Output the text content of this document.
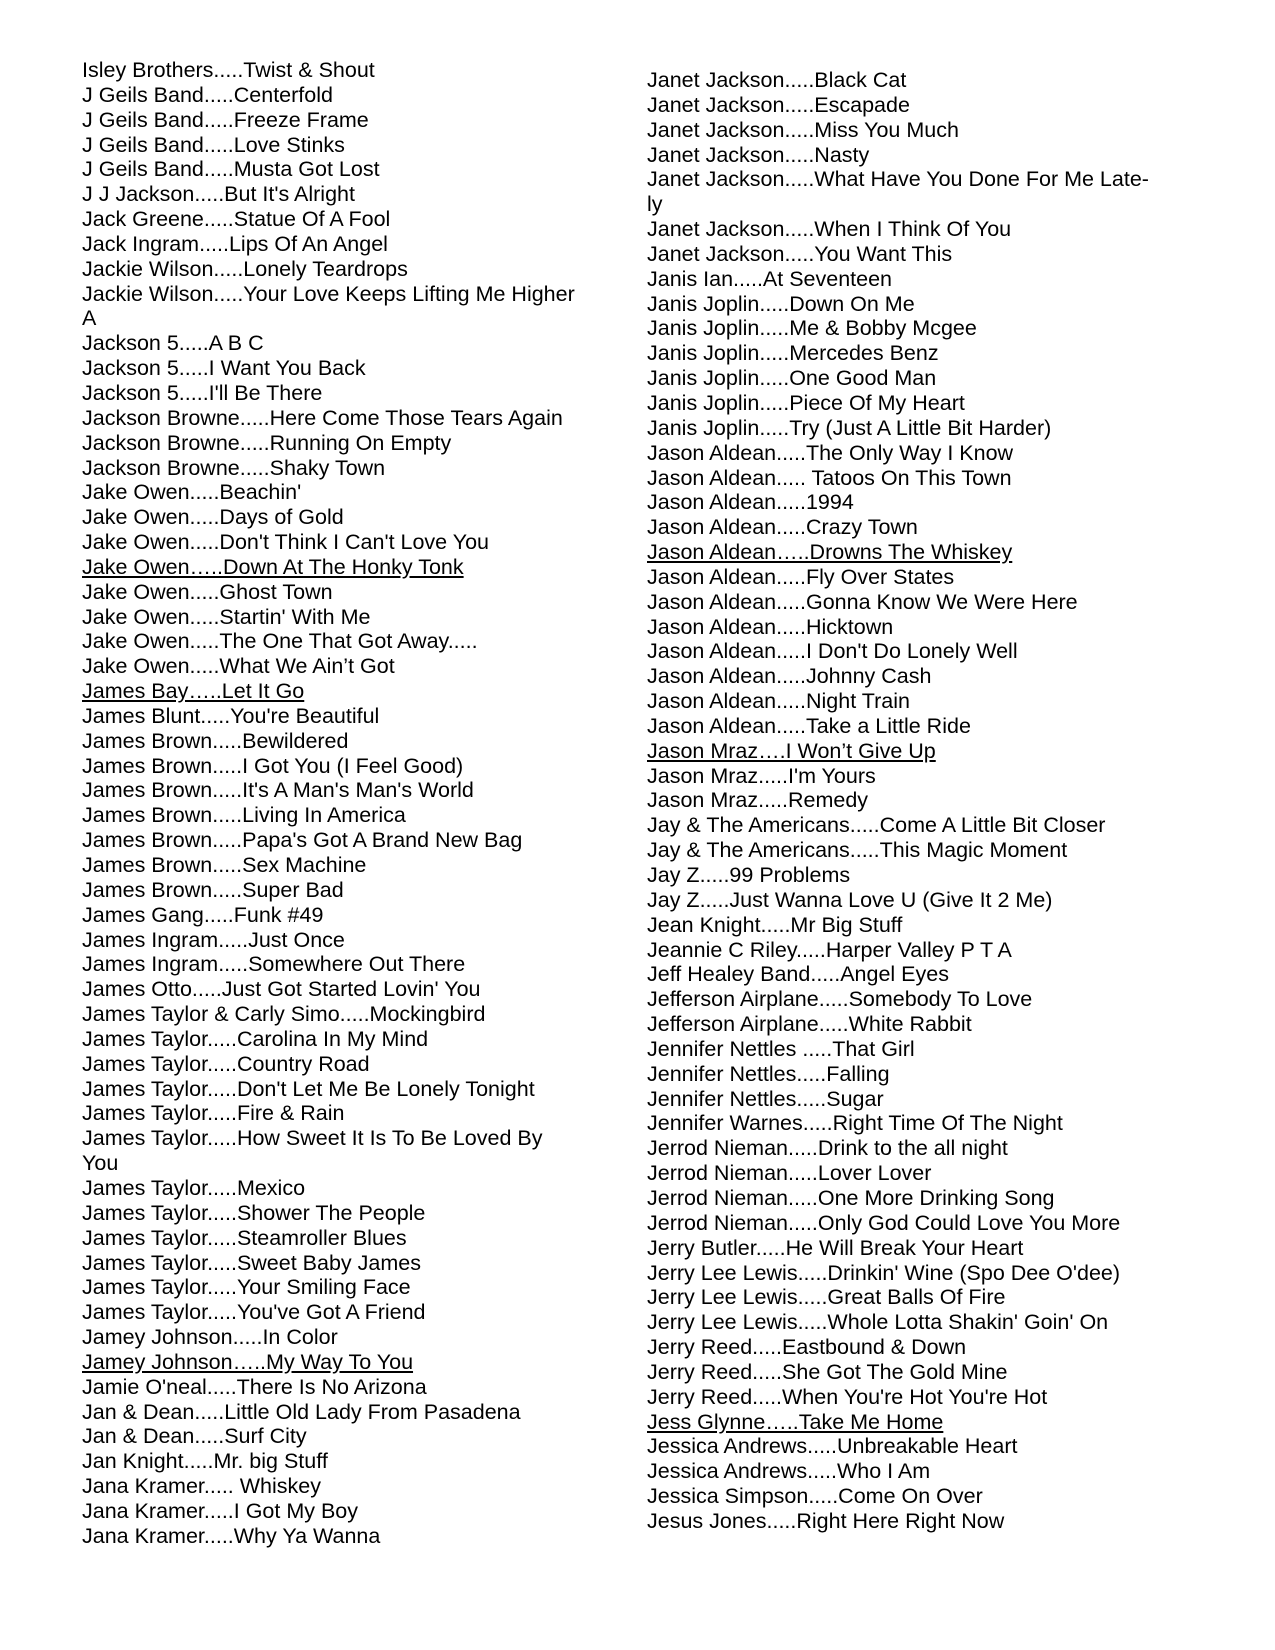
Isley Brothers.....Twist & Shout
J Geils Band.....Centerfold
J Geils Band.....Freeze Frame
J Geils Band.....Love Stinks
J Geils Band.....Musta Got Lost
J J Jackson.....But It's Alright
Jack Greene.....Statue Of A Fool
Jack Ingram.....Lips Of An Angel
Jackie Wilson.....Lonely Teardrops
Jackie Wilson.....Your Love Keeps Lifting Me Higher
A
Jackson 5.....A B C
Jackson 5.....I Want You Back
Jackson 5.....I'll Be There
Jackson Browne.....Here Come Those Tears Again
Jackson Browne.....Running On Empty
Jackson Browne.....Shaky Town
Jake Owen.....Beachin'
Jake Owen.....Days of Gold
Jake Owen.....Don't Think I Can't Love You
Jake Owen…..Down At The Honky Tonk
Jake Owen.....Ghost Town
Jake Owen.....Startin' With Me
Jake Owen.....The One That Got Away.....
Jake Owen.....What We Ain’t Got
James Bay…..Let It Go
James Blunt.....You're Beautiful
James Brown.....Bewildered
James Brown.....I Got You (I Feel Good)
James Brown.....It's A Man's Man's World
James Brown.....Living In America
James Brown.....Papa's Got A Brand New Bag
James Brown.....Sex Machine
James Brown.....Super Bad
James Gang.....Funk #49
James Ingram.....Just Once
James Ingram.....Somewhere Out There
James Otto.....Just Got Started Lovin' You
James Taylor & Carly Simo.....Mockingbird
James Taylor.....Carolina In My Mind
James Taylor.....Country Road
James Taylor.....Don't Let Me Be Lonely Tonight
James Taylor.....Fire & Rain
James Taylor.....How Sweet It Is To Be Loved By
You
James Taylor.....Mexico
James Taylor.....Shower The People
James Taylor.....Steamroller Blues
James Taylor.....Sweet Baby James
James Taylor.....Your Smiling Face
James Taylor.....You've Got A Friend
Jamey Johnson.....In Color
Jamey Johnson…..My Way To You
Jamie O'neal.....There Is No Arizona
Jan & Dean.....Little Old Lady From Pasadena
Jan & Dean.....Surf City
Jan Knight.....Mr. big Stuff
Jana Kramer..... Whiskey
Jana Kramer.....I Got My Boy
Jana Kramer.....Why Ya Wanna
Janet Jackson.....Black Cat
Janet Jackson.....Escapade
Janet Jackson.....Miss You Much
Janet Jackson.....Nasty
Janet Jackson.....What Have You Done For Me Late-
ly
Janet Jackson.....When I Think Of You
Janet Jackson.....You Want This
Janis Ian.....At Seventeen
Janis Joplin.....Down On Me
Janis Joplin.....Me & Bobby Mcgee
Janis Joplin.....Mercedes Benz
Janis Joplin.....One Good Man
Janis Joplin.....Piece Of My Heart
Janis Joplin.....Try (Just A Little Bit Harder)
Jason Aldean.....The Only Way I Know
Jason Aldean..... Tatoos On This Town
Jason Aldean.....1994
Jason Aldean.....Crazy Town
Jason Aldean…..Drowns The Whiskey
Jason Aldean.....Fly Over States
Jason Aldean.....Gonna Know We Were Here
Jason Aldean.....Hicktown
Jason Aldean.....I Don't Do Lonely Well
Jason Aldean.....Johnny Cash
Jason Aldean.....Night Train
Jason Aldean.....Take a Little Ride
Jason Mraz….I Won’t Give Up
Jason Mraz.....I'm Yours
Jason Mraz.....Remedy
Jay & The Americans.....Come A Little Bit Closer
Jay & The Americans.....This Magic Moment
Jay Z.....99 Problems
Jay Z.....Just Wanna Love U (Give It 2 Me)
Jean Knight.....Mr Big Stuff
Jeannie C Riley.....Harper Valley P T A
Jeff Healey Band.....Angel Eyes
Jefferson Airplane.....Somebody To Love
Jefferson Airplane.....White Rabbit
Jennifer Nettles .....That Girl
Jennifer Nettles.....Falling
Jennifer Nettles.....Sugar
Jennifer Warnes.....Right Time Of The Night
Jerrod Nieman.....Drink to the all night
Jerrod Nieman.....Lover Lover
Jerrod Nieman.....One More Drinking Song
Jerrod Nieman.....Only God Could Love You More
Jerry Butler.....He Will Break Your Heart
Jerry Lee Lewis.....Drinkin' Wine (Spo Dee O'dee)
Jerry Lee Lewis.....Great Balls Of Fire
Jerry Lee Lewis.....Whole Lotta Shakin' Goin' On
Jerry Reed.....Eastbound & Down
Jerry Reed.....She Got The Gold Mine
Jerry Reed.....When You're Hot You're Hot
Jess Glynne…..Take Me Home
Jessica Andrews.....Unbreakable Heart
Jessica Andrews.....Who I Am
Jessica Simpson.....Come On Over
Jesus Jones.....Right Here Right Now
